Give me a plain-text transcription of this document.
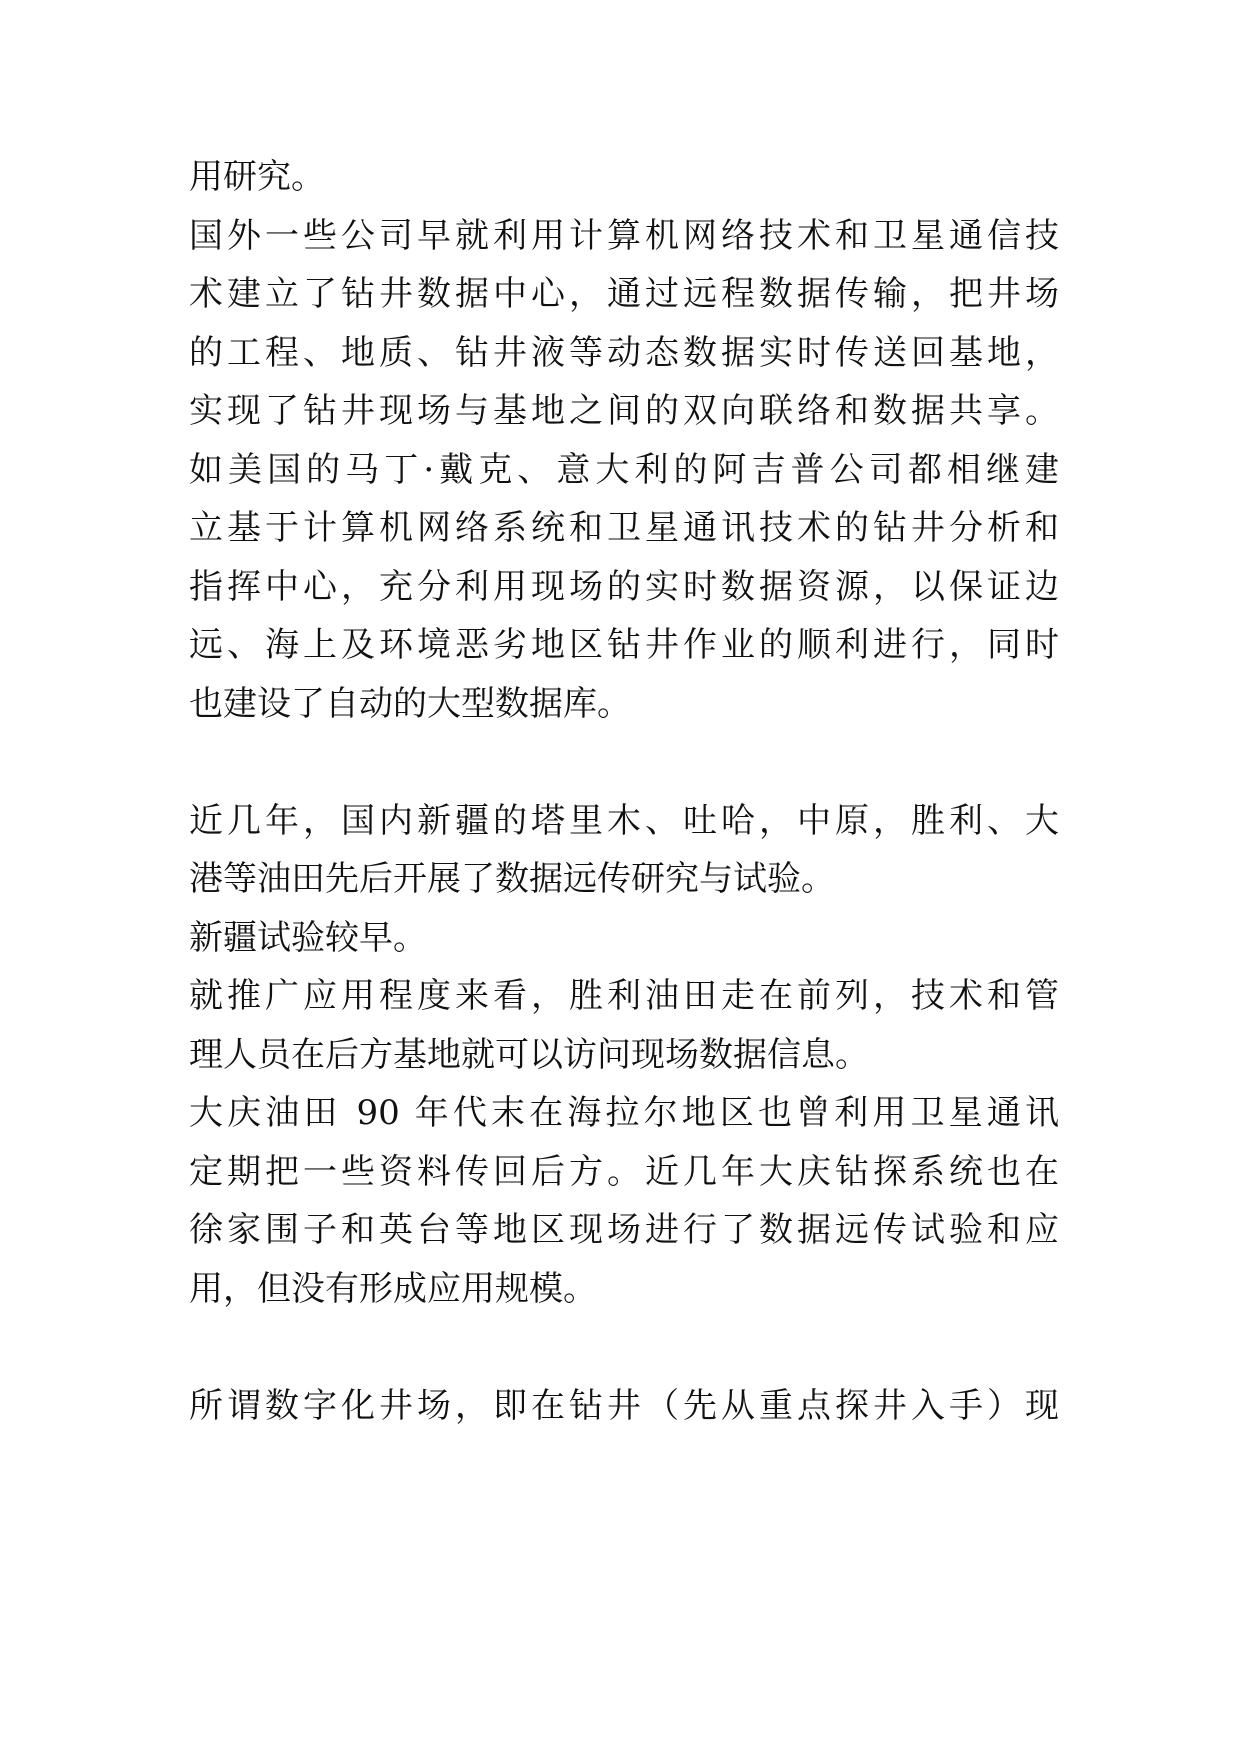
用研究。
国外一些公司早就利用计算机网络技术和卫星通信技
术建立了钻井数据中心，通过远程数据传输，把井场
的工程、地质、钻井液等动态数据实时传送回基地，
实现了钻井现场与基地之间的双向联络和数据共享。
如美国的马丁·戴克、意大利的阿吉普公司都相继建
立基于计算机网络系统和卫星通讯技术的钻井分析和
指挥中心，充分利用现场的实时数据资源，以保证边
远、海上及环境恶劣地区钻井作业的顺利进行，同时
也建设了自动的大型数据库。
近几年，国内新疆的塔里木、吐哈，中原，胜利、大
港等油田先后开展了数据远传研究与试验。
新疆试验较早。
就推广应用程度来看，胜利油田走在前列，技术和管
理人员在后方基地就可以访问现场数据信息。
大庆油田 90 年代末在海拉尔地区也曾利用卫星通讯
定期把一些资料传回后方。近几年大庆钻探系统也在
徐家围子和英台等地区现场进行了数据远传试验和应
用，但没有形成应用规模。
所谓数字化井场，即在钻井（先从重点探井入手）现
